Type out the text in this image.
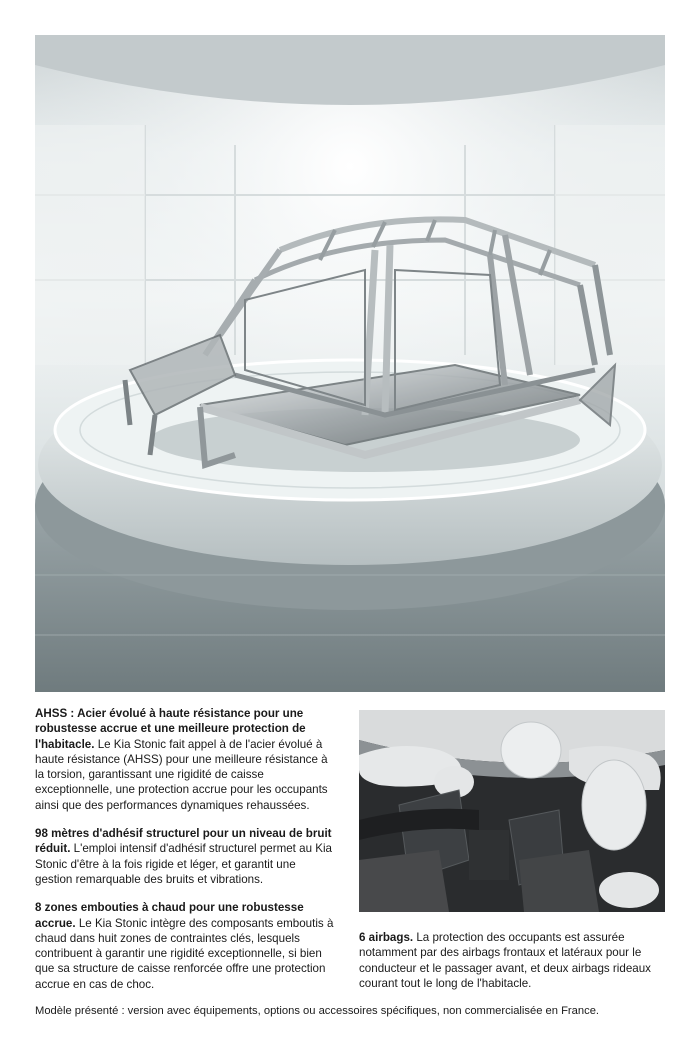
AHSS : Acier évolué à haute résistance pour une robustesse accrue et une meilleure protection de l'habitacle. Le Kia Stonic fait appel à de l'acier évolué à haute résistance (AHSS) pour une meilleure résistance à la torsion, garantissant une rigidité de caisse exceptionnelle, une protection accrue pour les occupants ainsi que des performances dynamiques rehaussées.

98 mètres d'adhésif structurel pour un niveau de bruit réduit. L'emploi intensif d'adhésif structurel permet au Kia Stonic d'être à la fois rigide et léger, et garantit une gestion remarquable des bruits et vibrations.

8 zones embouties à chaud pour une robustesse accrue. Le Kia Stonic intègre des composants emboutis à chaud dans huit zones de contraintes clés, lesquels contribuent à garantir une rigidité exceptionnelle, si bien que sa structure de caisse renforcée offre une protection accrue en cas de choc.

6 airbags. La protection des occupants est assurée notamment par des airbags frontaux et latéraux pour le conducteur et le passager avant, et deux airbags rideaux courant tout le long de l'habitacle.

Modèle présenté : version avec équipements, options ou accessoires spécifiques, non commercialisée en France.
